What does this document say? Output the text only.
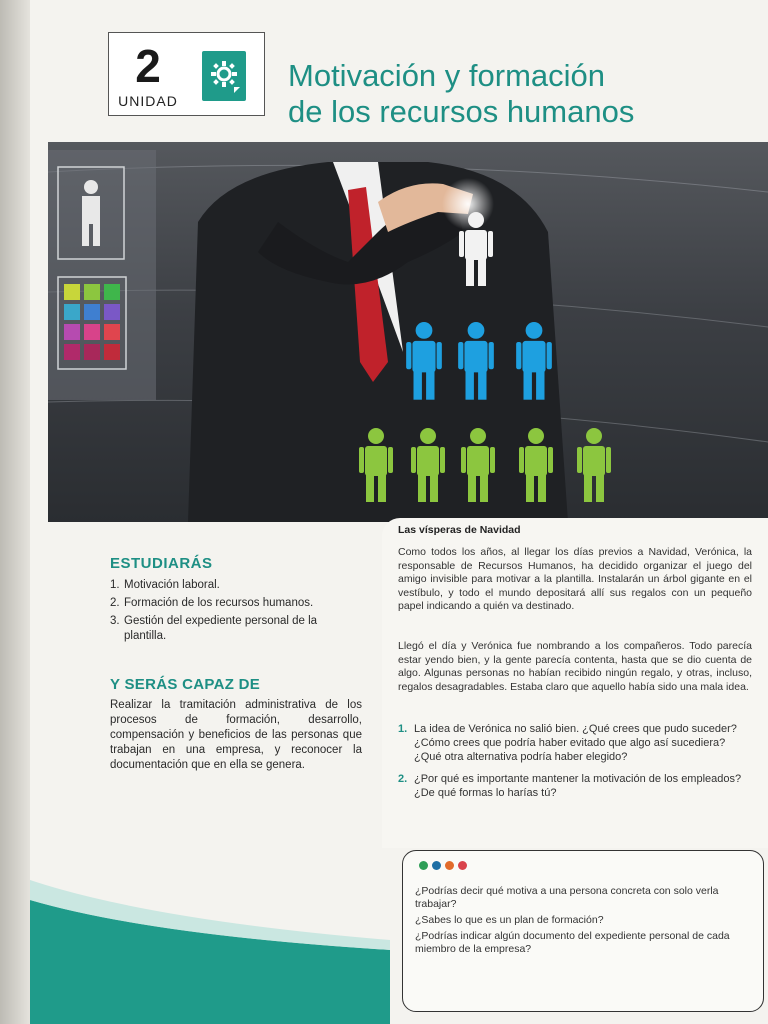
2
UNIDAD
Motivación y formación
de los recursos humanos
ESTUDIARÁS
1. Motivación laboral.
2. Formación de los recursos humanos.
3. Gestión del expediente personal de la plantilla.
Y SERÁS CAPAZ DE
Realizar la tramitación administrativa de los procesos de formación, desarrollo, compensación y beneficios de las personas que trabajan en una empresa, y reconocer la documentación que en ella se genera.
Las vísperas de Navidad
Como todos los años, al llegar los días previos a Navidad, Verónica, la responsable de Recursos Humanos, ha decidido organizar el juego del amigo invisible para motivar a la plantilla. Instalarán un árbol gigante en el vestíbulo, y todo el mundo depositará allí sus regalos con un pequeño papel indicando a quién va destinado.
Llegó el día y Verónica fue nombrando a los compañeros. Todo parecía estar yendo bien, y la gente parecía contenta, hasta que se dio cuenta de algo. Algunas personas no habían recibido ningún regalo, y otras, incluso, regalos desagradables. Estaba claro que aquello había sido una mala idea.
1. La idea de Verónica no salió bien. ¿Qué crees que pudo suceder? ¿Cómo crees que podría haber evitado que algo así sucediera? ¿Qué otra alternativa podría haber elegido?
2. ¿Por qué es importante mantener la motivación de los empleados? ¿De qué formas lo harías tú?
¿Podrías decir qué motiva a una persona concreta con solo verla trabajar?
¿Sabes lo que es un plan de formación?
¿Podrías indicar algún documento del expediente personal de cada miembro de la empresa?
